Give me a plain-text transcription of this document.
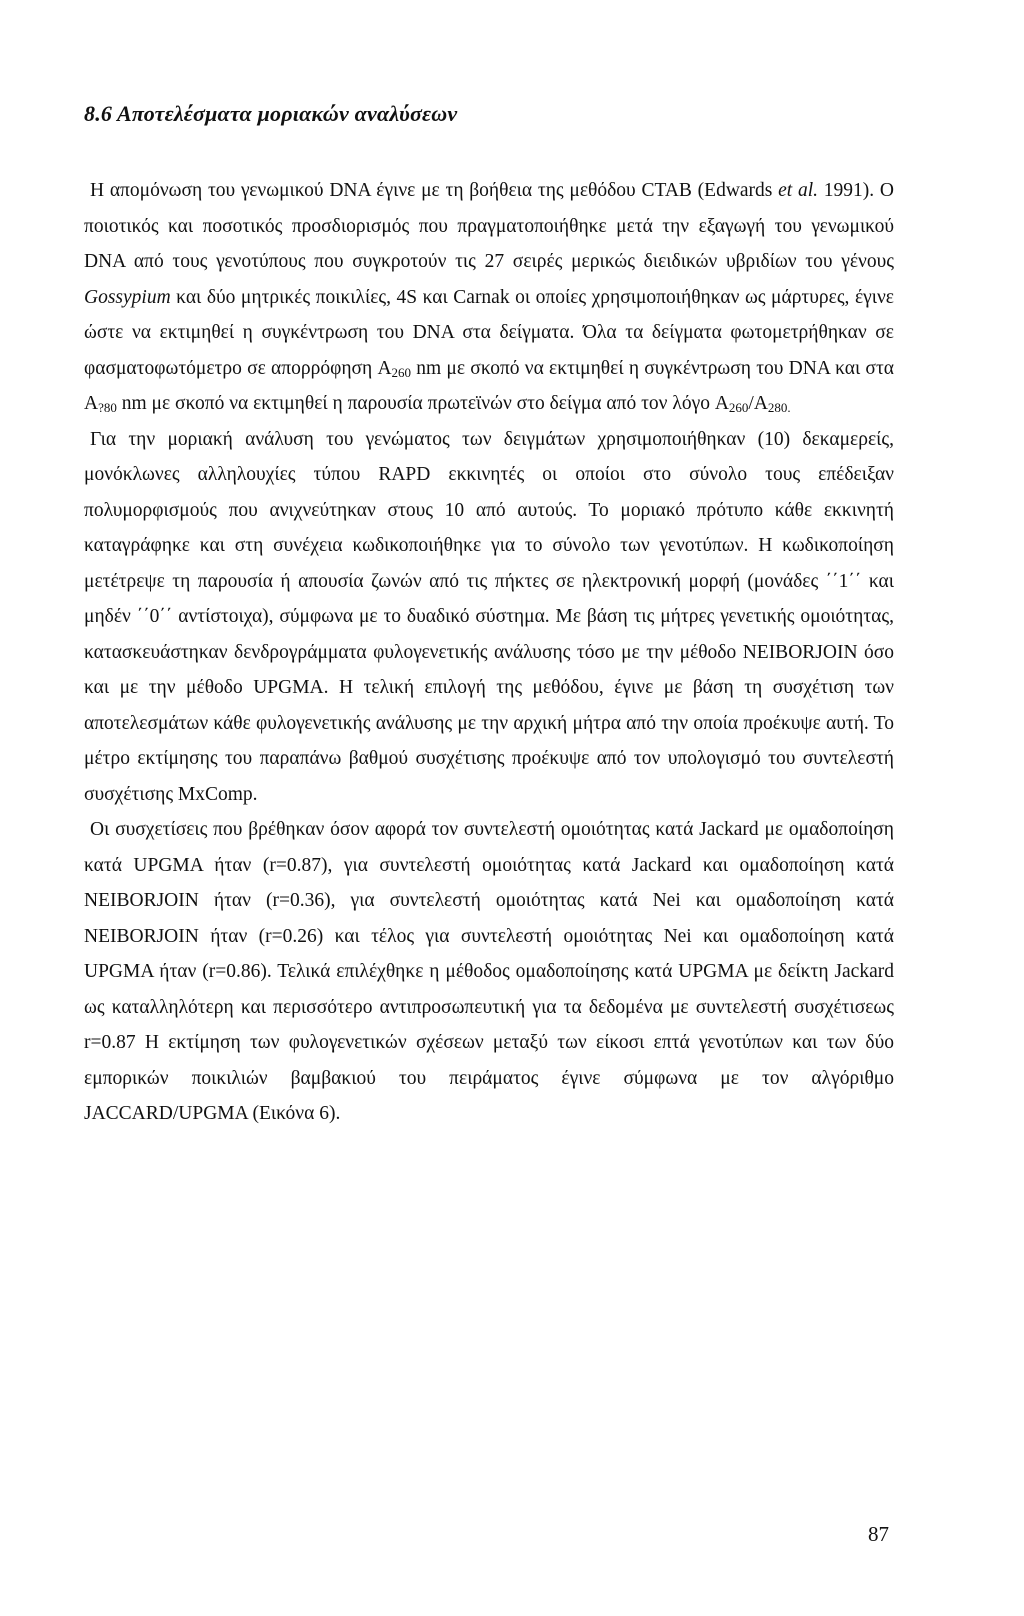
8.6 Αποτελέσματα μοριακών αναλύσεων

Η απομόνωση του γενωμικού DNA έγινε με τη βοήθεια της μεθόδου CTAB (Edwards et al. 1991). Ο ποιοτικός και ποσοτικός προσδιορισμός που πραγματοποιήθηκε μετά την εξαγωγή του γενωμικού DNA από τους γενοτύπους που συγκροτούν τις 27 σειρές μερικώς διειδικών υβριδίων του γένους Gossypium και δύο μητρικές ποικιλίες, 4S και Carnak οι οποίες χρησιμοποιήθηκαν ως μάρτυρες, έγινε ώστε να εκτιμηθεί η συγκέντρωση του DNA στα δείγματα. Όλα τα δείγματα φωτομετρήθηκαν σε φασματοφωτόμετρο σε απορρόφηση $A_{260}$ nm με σκοπό να εκτιμηθεί η συγκέντρωση του DNA και στα $A_{?80}$ nm με σκοπό να εκτιμηθεί η παρουσία πρωτεϊνών στο δείγμα από τον λόγο $A_{260}/A_{280.}$

Για την μοριακή ανάλυση του γενώματος των δειγμάτων χρησιμοποιήθηκαν (10) δεκαμερείς, μονόκλωνες αλληλουχίες τύπου RAPD εκκινητές οι οποίοι στο σύνολο τους επέδειξαν πολυμορφισμούς που ανιχνεύτηκαν στους 10 από αυτούς. Το μοριακό πρότυπο κάθε εκκινητή καταγράφηκε και στη συνέχεια κωδικοποιήθηκε για το σύνολο των γενοτύπων. Η κωδικοποίηση μετέτρεψε τη παρουσία ή απουσία ζωνών από τις πήκτες σε ηλεκτρονική μορφή (μονάδες ΄΄1΄΄ και μηδέν ΄΄0΄΄ αντίστοιχα), σύμφωνα με το δυαδικό σύστημα. Με βάση τις μήτρες γενετικής ομοιότητας, κατασκευάστηκαν δενδρογράμματα φυλογενετικής ανάλυσης τόσο με την μέθοδο NEIBORJOIN όσο και με την μέθοδο UPGMA. Η τελική επιλογή της μεθόδου, έγινε με βάση τη συσχέτιση των αποτελεσμάτων κάθε φυλογενετικής ανάλυσης με την αρχική μήτρα από την οποία προέκυψε αυτή. Το μέτρο εκτίμησης του παραπάνω βαθμού συσχέτισης προέκυψε από τον υπολογισμό του συντελεστή συσχέτισης MxComp.

Οι συσχετίσεις που βρέθηκαν όσον αφορά τον συντελεστή ομοιότητας κατά Jackard με ομαδοποίηση κατά UPGMA ήταν (r=0.87), για συντελεστή ομοιότητας κατά Jackard και ομαδοποίηση κατά NEIBORJOIN ήταν (r=0.36), για συντελεστή ομοιότητας κατά Nei και ομαδοποίηση κατά NEIBORJOIN ήταν (r=0.26) και τέλος για συντελεστή ομοιότητας Nei και ομαδοποίηση κατά UPGMA ήταν (r=0.86). Τελικά επιλέχθηκε η μέθοδος ομαδοποίησης κατά UPGMA με δείκτη Jackard ως καταλληλότερη και περισσότερο αντιπροσωπευτική για τα δεδομένα με συντελεστή συσχέτισεως r=0.87 Η εκτίμηση των φυλογενετικών σχέσεων μεταξύ των είκοσι επτά γενοτύπων και των δύο εμπορικών ποικιλιών βαμβακιού του πειράματος έγινε σύμφωνα με τον αλγόριθμο JACCARD/UPGMA (Εικόνα 6).

87
